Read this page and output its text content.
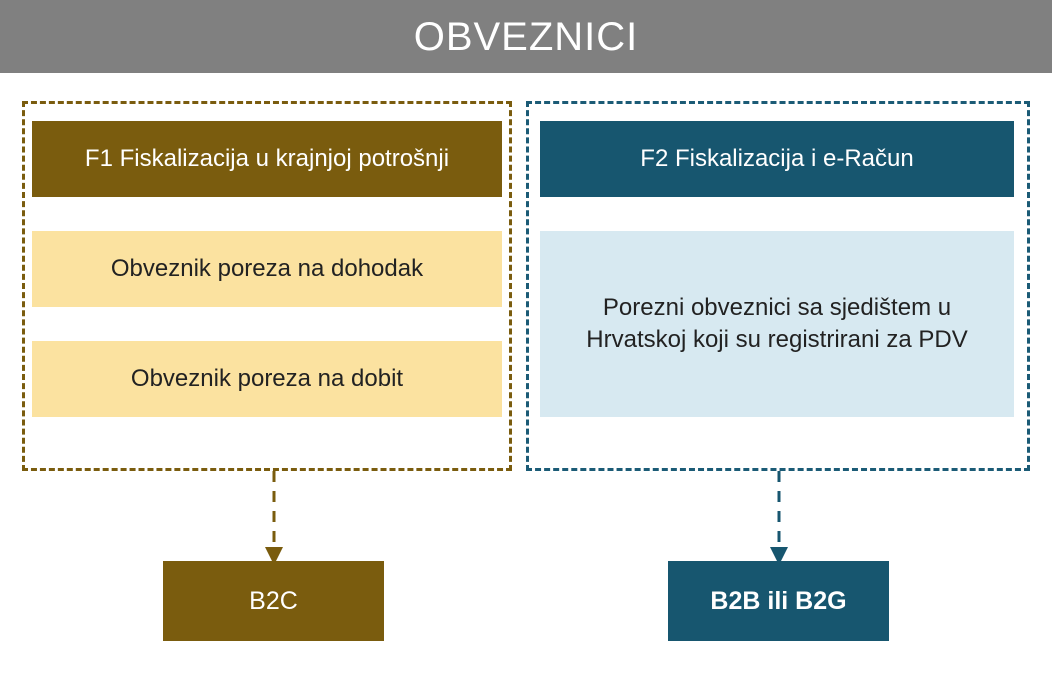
OBVEZNICI
F1 Fiskalizacija u krajnjoj potrošnji
Obveznik poreza na dohodak
Obveznik poreza na dobit
F2 Fiskalizacija i e-Račun
Porezni obveznici sa sjedištem u Hrvatskoj koji su registrirani za PDV
B2C	B2B ili B2G
